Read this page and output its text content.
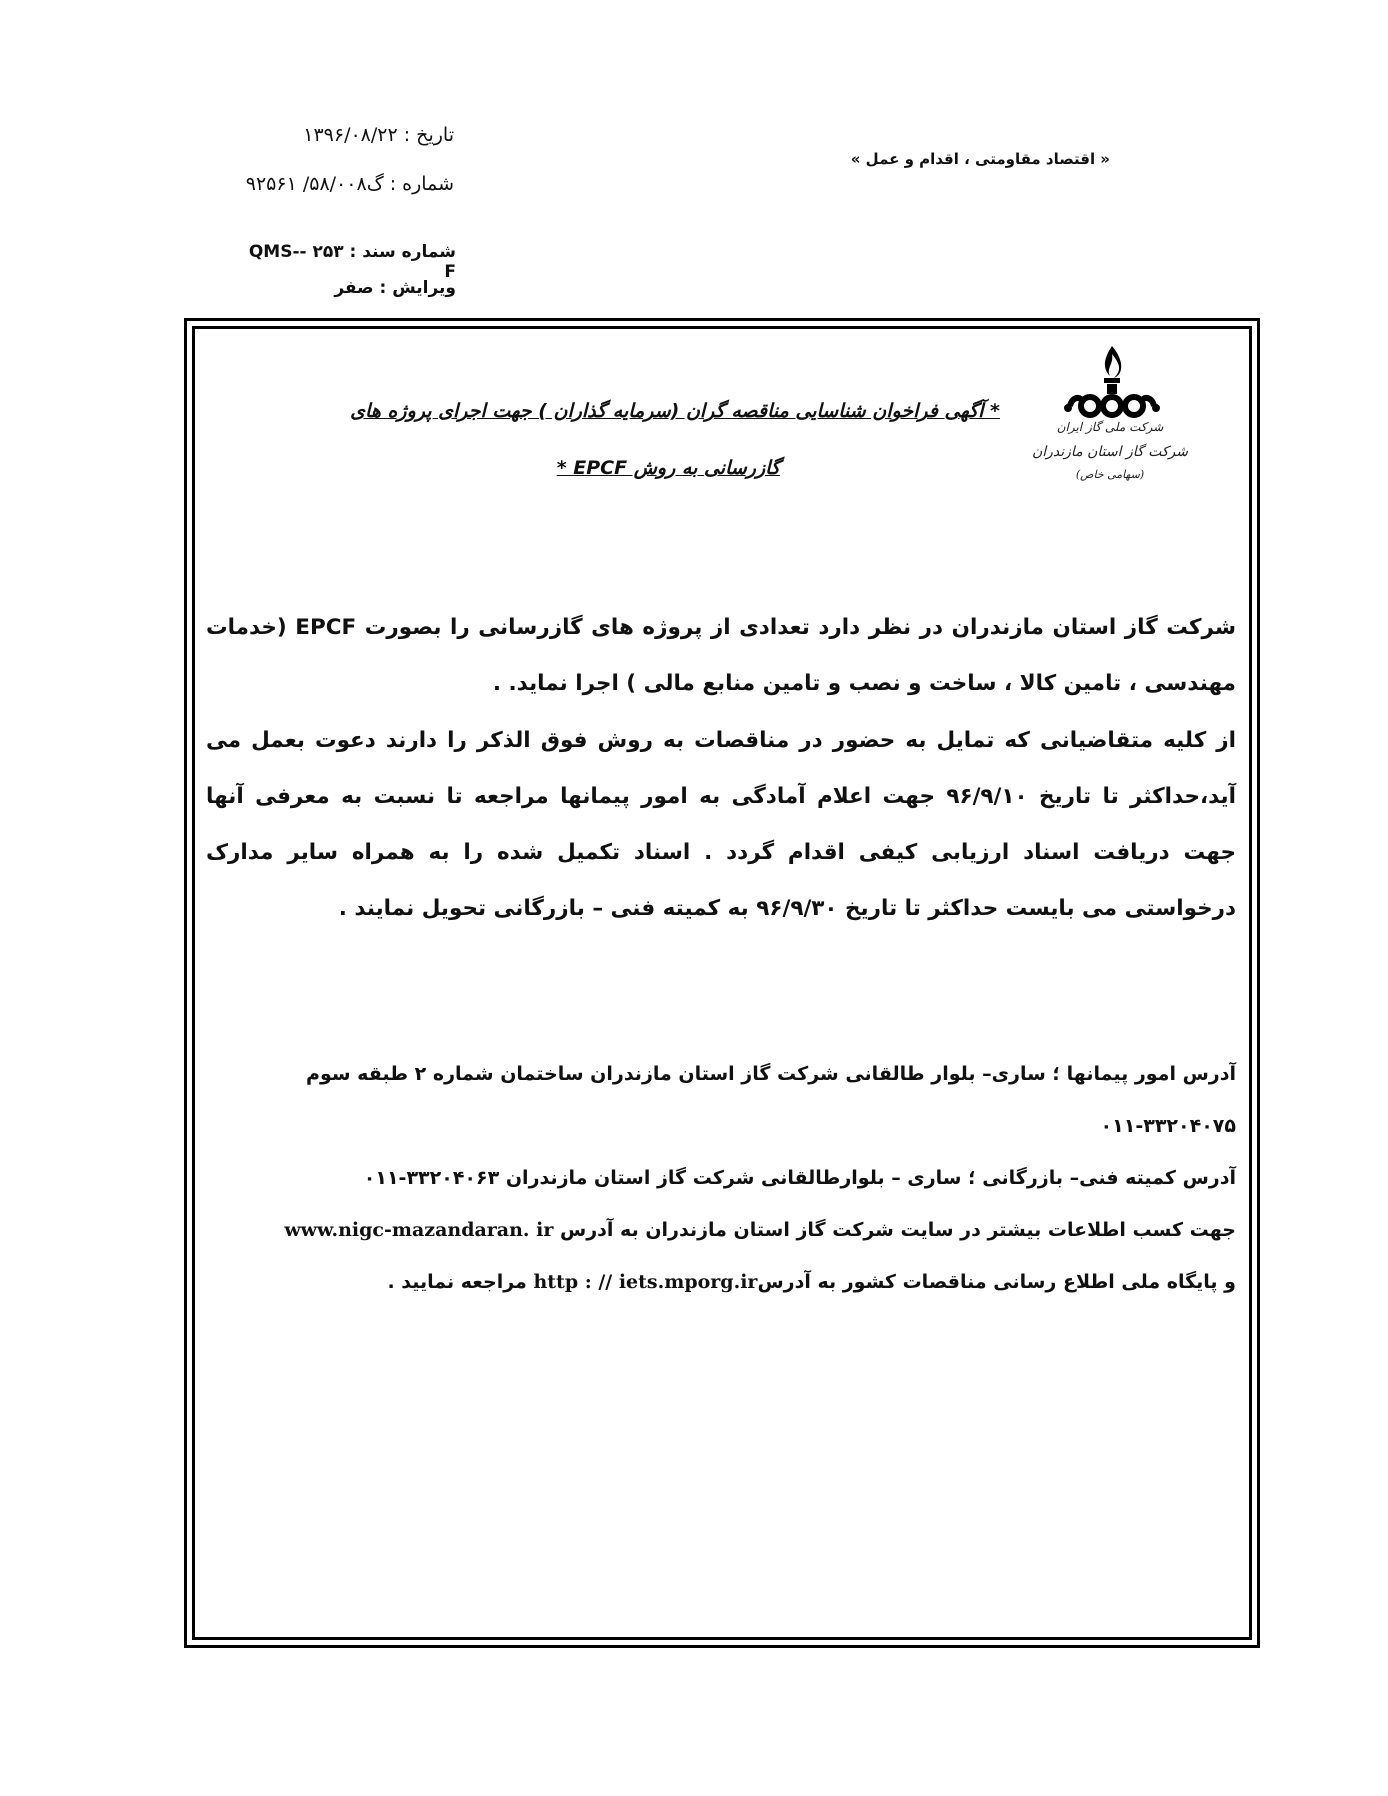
« اقتصاد مقاومتی ، اقدام و عمل »
تاریخ : ۱۳۹۶/۰۸/۲۲
شماره : گ۵۸/۰۰۸/ ۹۲۵۶۱
شماره سند : ۲۵۳ -QMS-F
ویرایش : صفر
شرکت ملی گاز ایران
شرکت گاز استان مازندران
(سهامی خاص)
* آگهی فراخوان شناسایی مناقصه گران (سرمایه گذاران ) جهت اجرای پروژه های
گازرسانی به روش EPCF *

شرکت گاز استان مازندران در نظر دارد تعدادی از پروژه های گازرسانی را بصورت EPCF (خدمات مهندسی ، تامین کالا ، ساخت و نصب و تامین منابع مالی ) اجرا نماید. .

از کلیه متقاضیانی که تمایل به حضور در مناقصات به روش فوق الذکر را دارند دعوت بعمل می آید،حداکثر تا تاریخ ۹۶/۹/۱۰ جهت اعلام آمادگی به امور پیمانها مراجعه تا نسبت به معرفی آنها جهت دریافت اسناد ارزیابی کیفی اقدام گردد . اسناد تکمیل شده را به همراه سایر مدارک درخواستی می بایست حداکثر تا تاریخ ۹۶/۹/۳۰ به کمیته فنی – بازرگانی تحویل نمایند .

آدرس امور پیمانها ؛ ساری– بلوار طالقانی شرکت گاز استان مازندران ساختمان شماره ۲ طبقه سوم ۳۳۲۰۴۰۷۵-۰۱۱

آدرس کمیته فنی– بازرگانی ؛ ساری – بلوارطالقانی شرکت گاز استان مازندران ۳۳۲۰۴۰۶۳-۰۱۱

جهت کسب اطلاعات بیشتر در سایت شرکت گاز استان مازندران به آدرس www.nigc-mazandaran. ir

و پایگاه ملی اطلاع رسانی مناقصات کشور به آدرسhttp : // iets.mporg.ir مراجعه نمایید .
